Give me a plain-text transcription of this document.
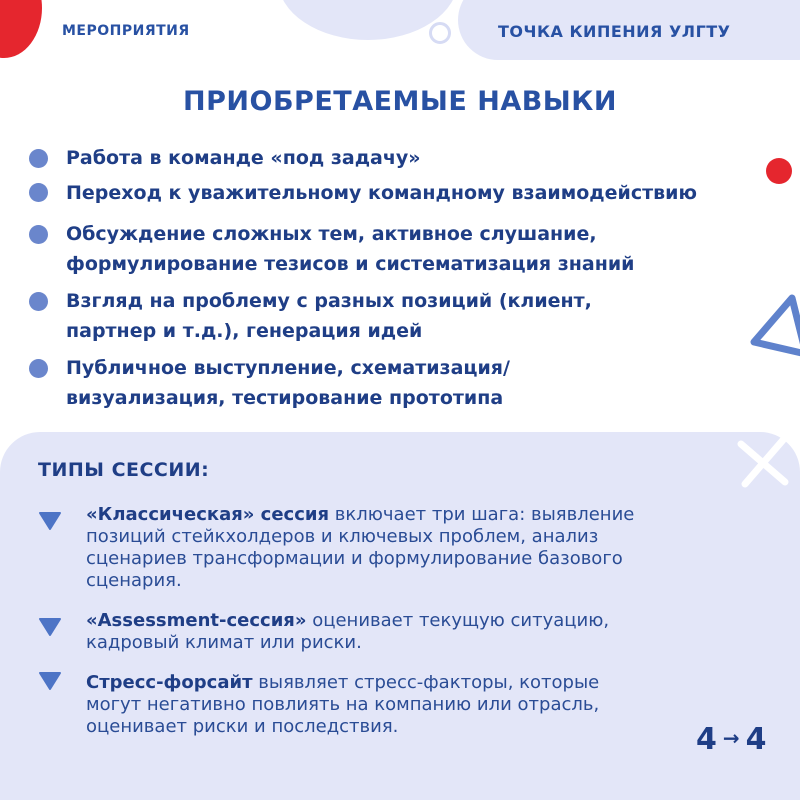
МЕРОПРИЯТИЯ	ТОЧКА КИПЕНИЯ УЛГТУ
ПРИОБРЕТАЕМЫЕ НАВЫКИ
Работа в команде «под задачу»
Переход к уважительному командному взаимодействию
Обсуждение сложных тем, активное слушание,
формулирование тезисов и систематизация знаний
Взгляд на проблему с разных позиций (клиент,
партнер и т.д.), генерация идей
Публичное выступление, схематизация/
визуализация, тестирование прототипа
ТИПЫ СЕССИИ:
«Классическая» сессия включает три шага: выявление
позиций стейкхолдеров и ключевых проблем, анализ
сценариев трансформации и формулирование базового
сценария.
«Assessment-сессия» оценивает текущую ситуацию,
кадровый климат или риски.
Стресс-форсайт выявляет стресс-факторы, которые
могут негативно повлиять на компанию или отрасль,
оценивает риски и последствия.	4 → 4
